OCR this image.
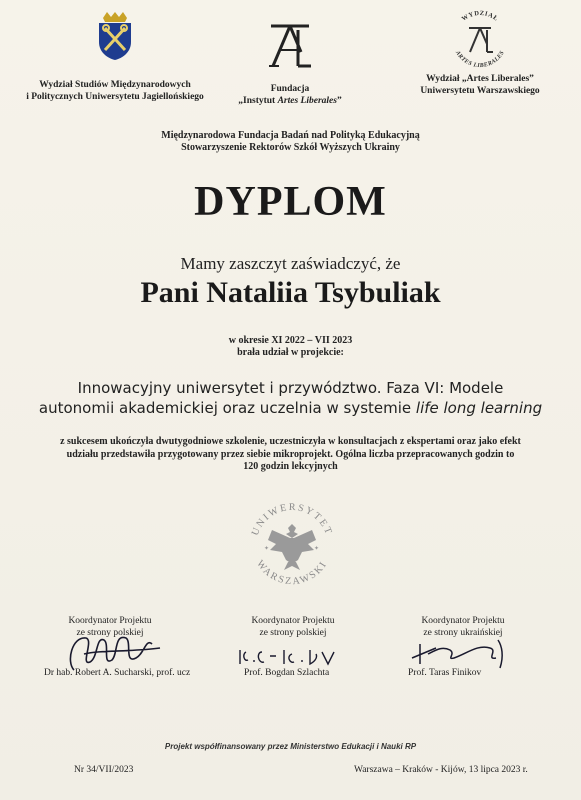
Wydział Studiów Międzynarodowych
i Politycznych Uniwersytetu Jagiellońskiego
Fundacja
„Instytut Artes Liberales”
WYDZIAŁ
ARTES LIBERALES
Wydział „Artes Liberales”
Uniwersytetu Warszawskiego
Międzynarodowa Fundacja Badań nad Polityką Edukacyjną
Stowarzyszenie Rektorów Szkół Wyższych Ukrainy
DYPLOM
Mamy zaszczyt zaświadczyć, że
Pani Nataliia Tsybuliak
w okresie XI 2022 – VII 2023
brała udział w projekcie:
Innowacyjny uniwersytet i przywództwo. Faza VI: Modele
autonomii akademickiej oraz uczelnia w systemie life long learning
z sukcesem ukończyła dwutygodniowe szkolenie, uczestniczyła w konsultacjach z ekspertami oraz jako efekt
udziału przedstawiła przygotowany przez siebie mikroprojekt. Ogólna liczba przepracowanych godzin to
120 godzin lekcyjnych
UNIWERSYTET
WARSZAWSKI
✦	✦
Koordynator Projektu
ze strony polskiej
Dr hab. Robert A. Sucharski, prof. ucz
Koordynator Projektu
ze strony polskiej
Prof. Bogdan Szlachta
Koordynator Projektu
ze strony ukraińskiej
Prof. Taras Finikov
Projekt współfinansowany przez Ministerstwo Edukacji i Nauki RP
Nr 34/VII/2023	Warszawa – Kraków - Kijów, 13 lipca 2023 r.
